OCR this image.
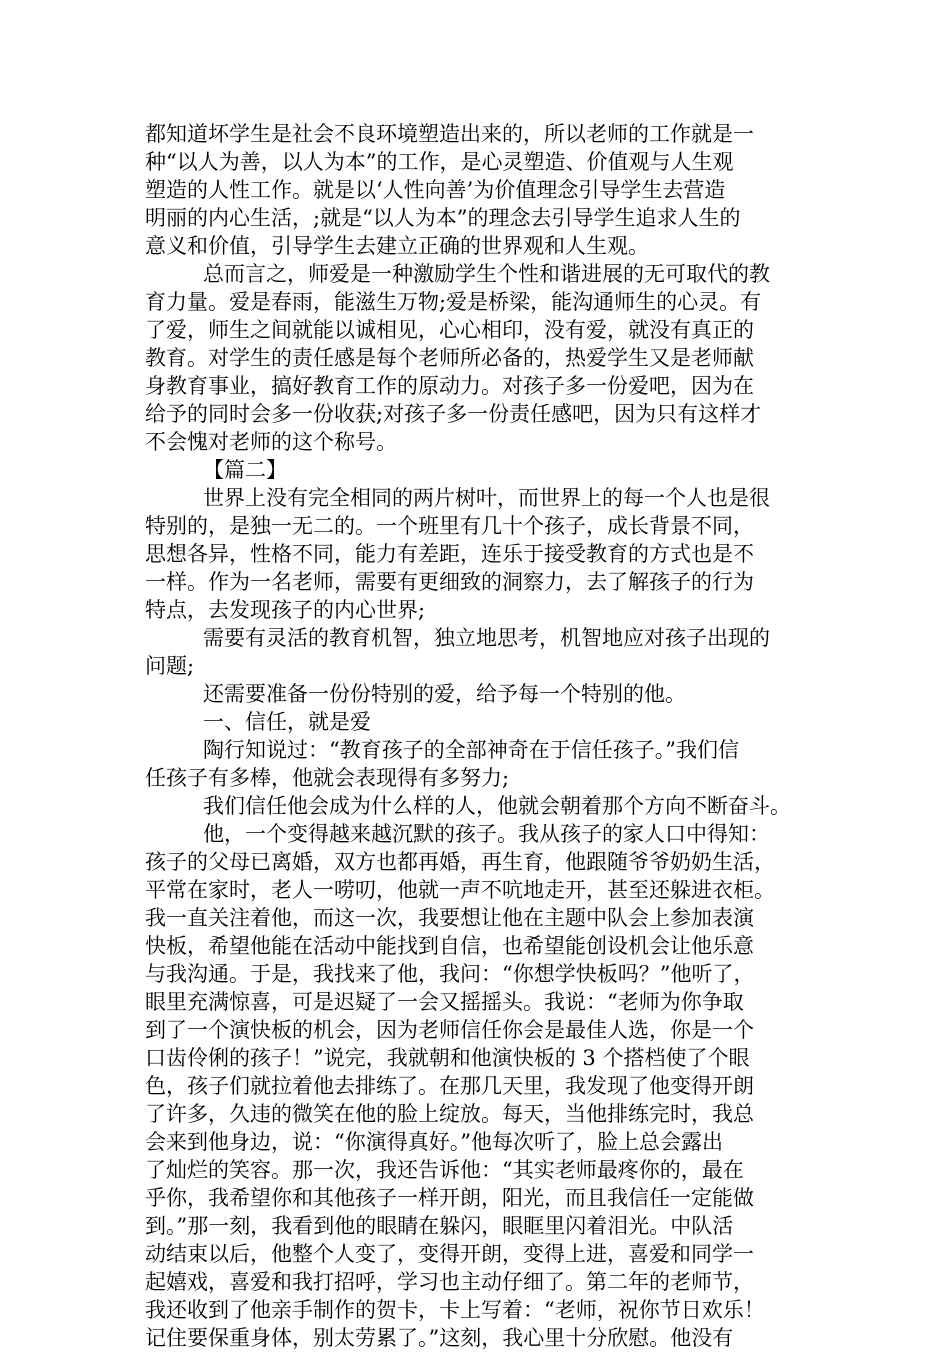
都知道坏学生是社会不良环境塑造出来的，所以老师的工作就是一
种“以人为善，以人为本”的工作，是心灵塑造、价值观与人生观
塑造的人性工作。就是以‘人性向善’为价值理念引导学生去营造
明丽的内心生活，;就是“以人为本”的理念去引导学生追求人生的
意义和价值，引导学生去建立正确的世界观和人生观。
总而言之，师爱是一种激励学生个性和谐进展的无可取代的教
育力量。爱是春雨，能滋生万物;爱是桥梁，能沟通师生的心灵。有
了爱，师生之间就能以诚相见，心心相印，没有爱，就没有真正的
教育。对学生的责任感是每个老师所必备的，热爱学生又是老师献
身教育事业，搞好教育工作的原动力。对孩子多一份爱吧，因为在
给予的同时会多一份收获;对孩子多一份责任感吧，因为只有这样才
不会愧对老师的这个称号。
【篇二】
世界上没有完全相同的两片树叶，而世界上的每一个人也是很
特别的，是独一无二的。一个班里有几十个孩子，成长背景不同，
思想各异，性格不同，能力有差距，连乐于接受教育的方式也是不
一样。作为一名老师，需要有更细致的洞察力，去了解孩子的行为
特点，去发现孩子的内心世界;
需要有灵活的教育机智，独立地思考，机智地应对孩子出现的
问题;
还需要准备一份份特别的爱，给予每一个特别的他。
一、信任，就是爱
陶行知说过：“教育孩子的全部神奇在于信任孩子。”我们信
任孩子有多棒，他就会表现得有多努力;
我们信任他会成为什么样的人，他就会朝着那个方向不断奋斗。
他，一个变得越来越沉默的孩子。我从孩子的家人口中得知：
孩子的父母已离婚，双方也都再婚，再生育，他跟随爷爷奶奶生活，
平常在家时，老人一唠叨，他就一声不吭地走开，甚至还躲进衣柜。
我一直关注着他，而这一次，我要想让他在主题中队会上参加表演
快板，希望他能在活动中能找到自信，也希望能创设机会让他乐意
与我沟通。于是，我找来了他，我问：“你想学快板吗？”他听了，
眼里充满惊喜，可是迟疑了一会又摇摇头。我说：“老师为你争取
到了一个演快板的机会，因为老师信任你会是最佳人选，你是一个
口齿伶俐的孩子！”说完，我就朝和他演快板的 3 个搭档使了个眼
色，孩子们就拉着他去排练了。在那几天里，我发现了他变得开朗
了许多，久违的微笑在他的脸上绽放。每天，当他排练完时，我总
会来到他身边，说：“你演得真好。”他每次听了，脸上总会露出
了灿烂的笑容。那一次，我还告诉他：“其实老师最疼你的，最在
乎你，我希望你和其他孩子一样开朗，阳光，而且我信任一定能做
到。”那一刻，我看到他的眼睛在躲闪，眼眶里闪着泪光。中队活
动结束以后，他整个人变了，变得开朗，变得上进，喜爱和同学一
起嬉戏，喜爱和我打招呼，学习也主动仔细了。第二年的老师节，
我还收到了他亲手制作的贺卡，卡上写着：“老师，祝你节日欢乐！
记住要保重身体，别太劳累了。”这刻，我心里十分欣慰。他没有
